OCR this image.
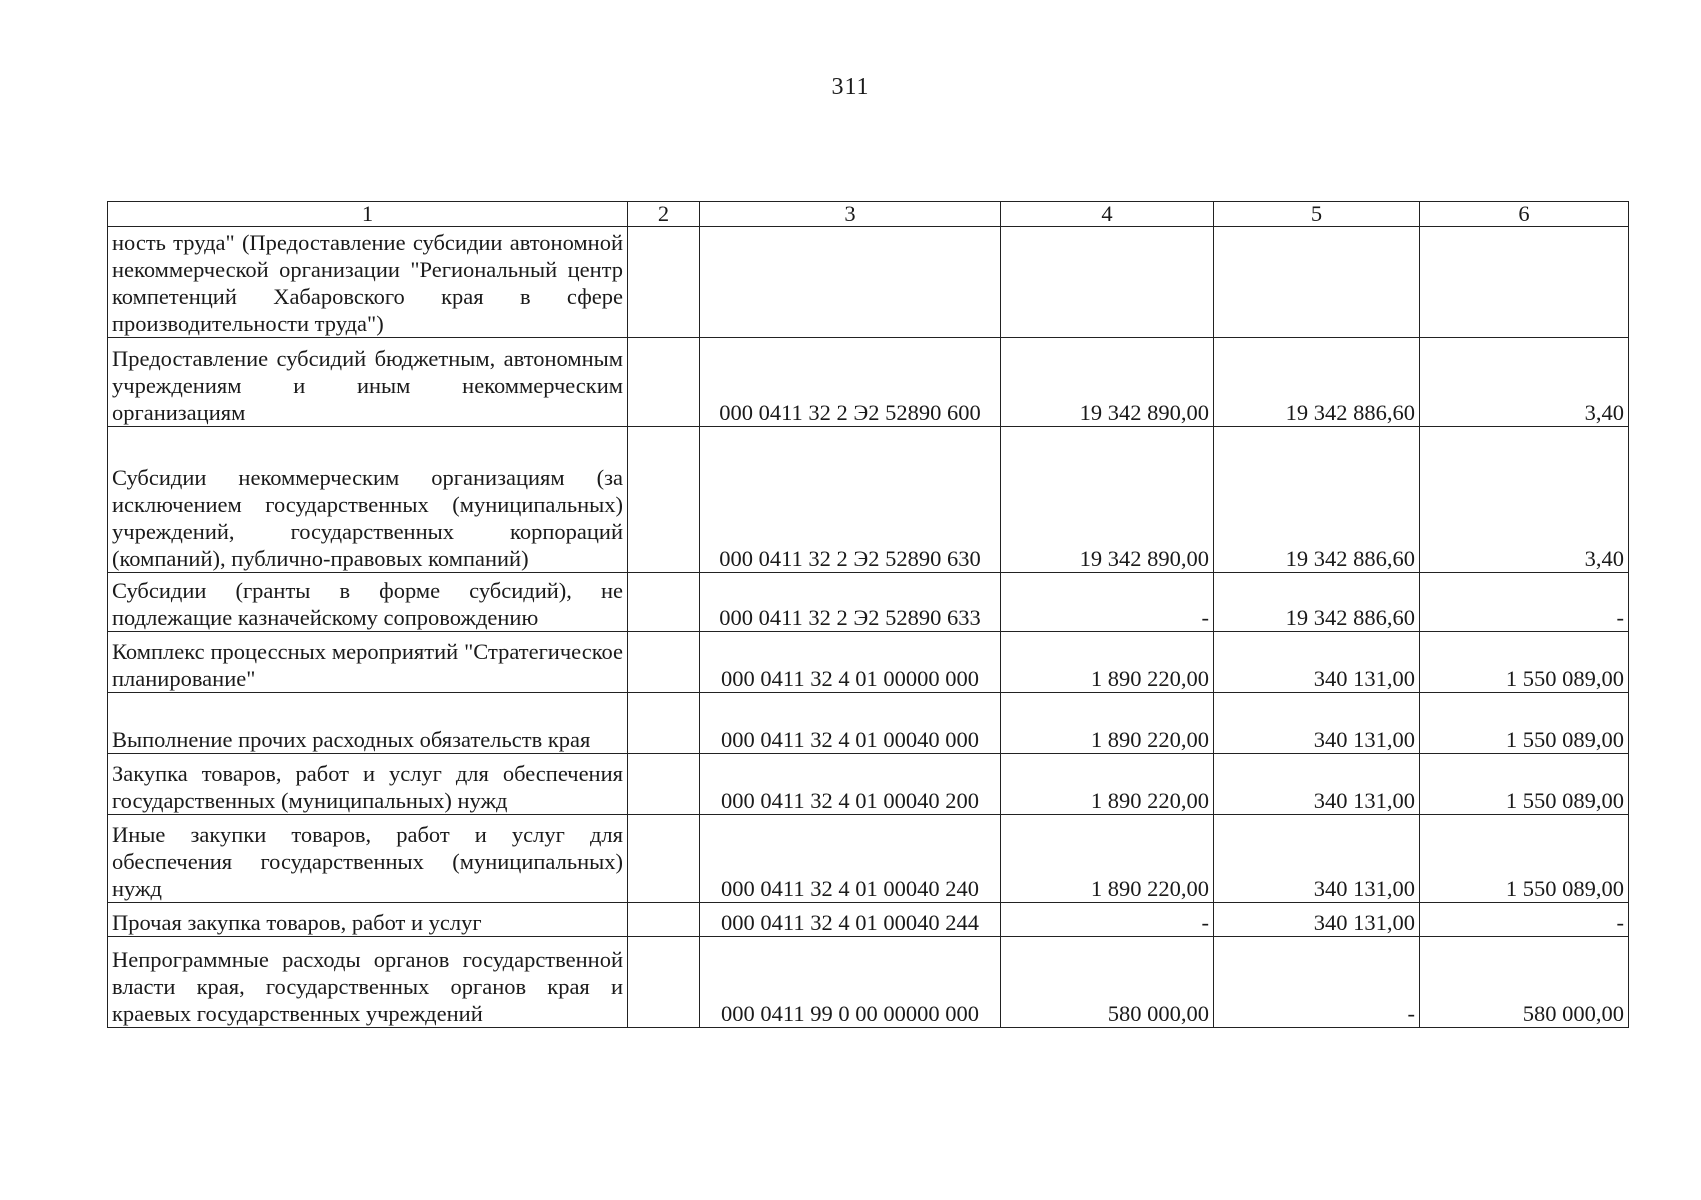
311
1	2	3	4	5	6
ность труда" (Предоставление субсидии автономной некоммерческой организации "Региональный центр компетенций Хабаровского края в сфере производительности труда")					
Предоставление субсидий бюджетным, автономным учреждениям и иным некоммерческим организациям		000 0411 32 2 Э2 52890 600	19 342 890,00	19 342 886,60	3,40
Субсидии некоммерческим организациям (за исключением государственных (муниципальных) учреждений, государственных корпораций (компаний), публично-правовых компаний)		000 0411 32 2 Э2 52890 630	19 342 890,00	19 342 886,60	3,40
Субсидии (гранты в форме субсидий), не подлежащие казначейскому сопровождению		000 0411 32 2 Э2 52890 633	-	19 342 886,60	-
Комплекс процессных мероприятий "Стратегическое планирование"		000 0411 32 4 01 00000 000	1 890 220,00	340 131,00	1 550 089,00
Выполнение прочих расходных обязательств края		000 0411 32 4 01 00040 000	1 890 220,00	340 131,00	1 550 089,00
Закупка товаров, работ и услуг для обеспечения государственных (муниципальных) нужд		000 0411 32 4 01 00040 200	1 890 220,00	340 131,00	1 550 089,00
Иные закупки товаров, работ и услуг для обеспечения государственных (муниципальных) нужд		000 0411 32 4 01 00040 240	1 890 220,00	340 131,00	1 550 089,00
Прочая закупка товаров, работ и услуг		000 0411 32 4 01 00040 244	-	340 131,00	-
Непрограммные расходы органов государственной власти края, государственных органов края и краевых государственных учреждений		000 0411 99 0 00 00000 000	580 000,00	-	580 000,00
